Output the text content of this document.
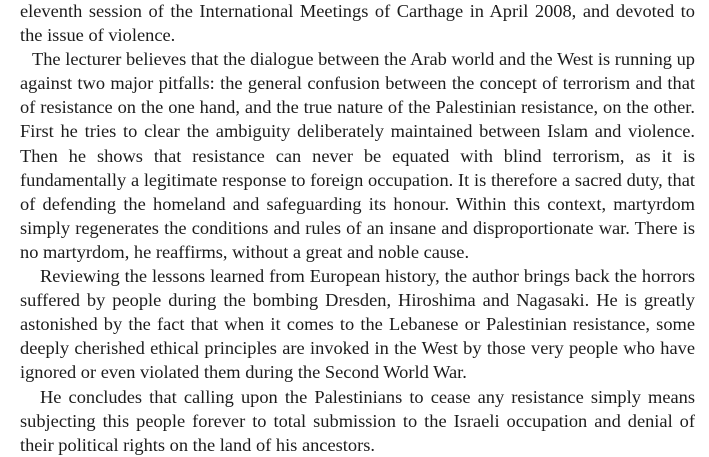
eleventh session of the International Meetings of Carthage in April 2008, and devoted to the issue of violence.

The lecturer believes that the dialogue between the Arab world and the West is running up against two major pitfalls: the general confusion between the concept of terrorism and that of resistance on the one hand, and the true nature of the Palestinian resistance, on the other. First he tries to clear the ambiguity deliberately maintained between Islam and violence. Then he shows that resistance can never be equated with blind terrorism, as it is fundamentally a legitimate response to foreign occupation. It is therefore a sacred duty, that of defending the homeland and safeguarding its honour. Within this context, martyrdom simply regenerates the conditions and rules of an insane and disproportionate war. There is no martyrdom, he reaffirms, without a great and noble cause.

Reviewing the lessons learned from European history, the author brings back the horrors suffered by people during the bombing Dresden, Hiroshima and Nagasaki. He is greatly astonished by the fact that when it comes to the Lebanese or Palestinian resistance, some deeply cherished ethical principles are invoked in the West by those very people who have ignored or even violated them during the Second World War.

He concludes that calling upon the Palestinians to cease any resistance simply means subjecting this people forever to total submission to the Israeli occupation and denial of their political rights on the land of his ancestors.
